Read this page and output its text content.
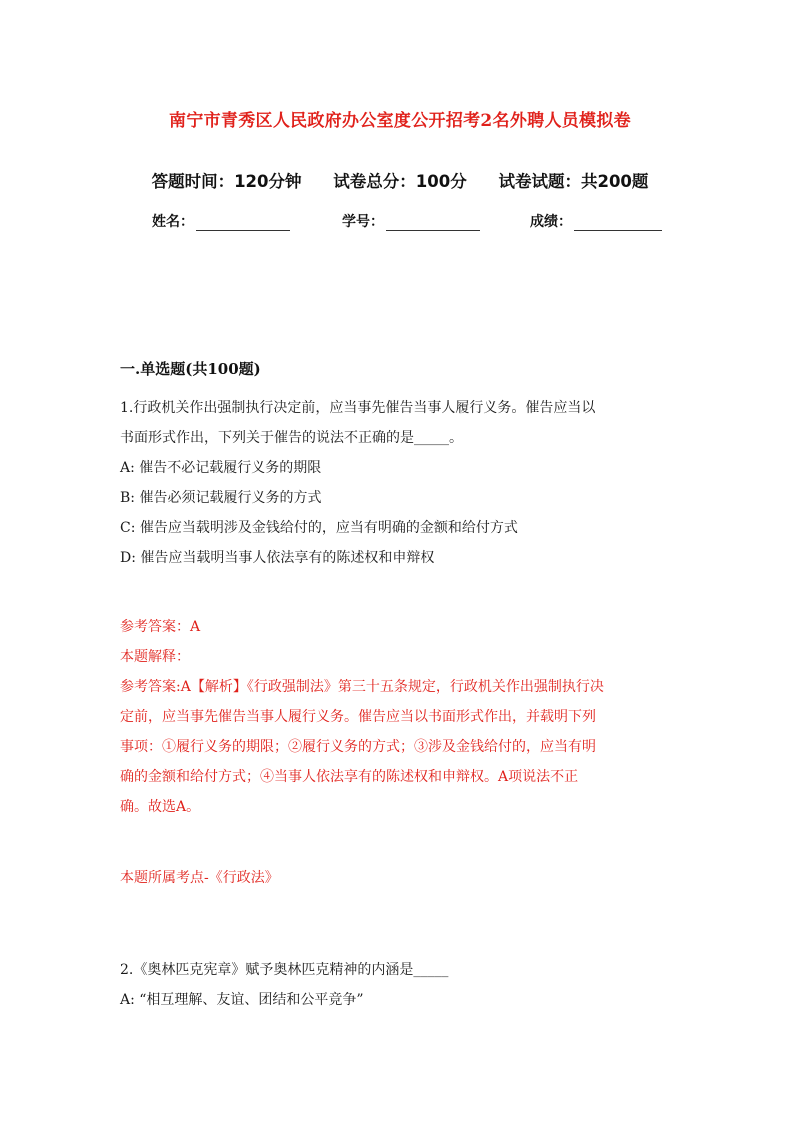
南宁市青秀区人民政府办公室度公开招考2名外聘人员模拟卷
答题时间：120分钟 试卷总分：100分 试卷试题：共200题
姓名：	学号：	成绩：
一.单选题(共100题)
1.行政机关作出强制执行决定前，应当事先催告当事人履行义务。催告应当以
书面形式作出，下列关于催告的说法不正确的是_____。
A: 催告不必记载履行义务的期限
B: 催告必须记载履行义务的方式
C: 催告应当载明涉及金钱给付的，应当有明确的金额和给付方式
D: 催告应当载明当事人依法享有的陈述权和申辩权
参考答案：A
本题解释：
参考答案:A【解析】《行政强制法》第三十五条规定，行政机关作出强制执行决
定前，应当事先催告当事人履行义务。催告应当以书面形式作出，并载明下列
事项：①履行义务的期限；②履行义务的方式；③涉及金钱给付的，应当有明
确的金额和给付方式；④当事人依法享有的陈述权和申辩权。A项说法不正
确。故选A。
本题所属考点-《行政法》
2.《奥林匹克宪章》赋予奥林匹克精神的内涵是_____
A: “相互理解、友谊、团结和公平竞争”
